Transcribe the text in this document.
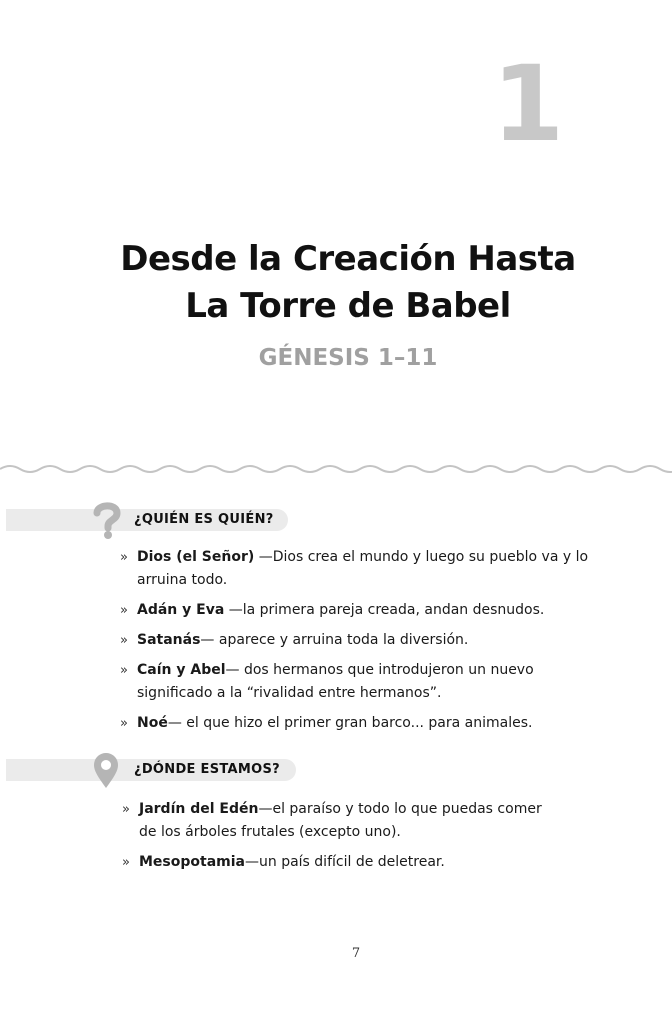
1
Desde la Creación Hasta
La Torre de Babel
GÉNESIS 1–11
¿QUIÉN ES QUIÉN?
» Dios (el Señor) —Dios crea el mundo y luego su pueblo va y lo arruina todo.
» Adán y Eva —la primera pareja creada, andan desnudos.
» Satanás— aparece y arruina toda la diversión.
» Caín y Abel— dos hermanos que introdujeron un nuevo significado a la “rivalidad entre hermanos”.
» Noé— el que hizo el primer gran barco... para animales.
¿DÓNDE ESTAMOS?
» Jardín del Edén—el paraíso y todo lo que puedas comer de los árboles frutales (excepto uno).
» Mesopotamia—un país difícil de deletrear.
7
